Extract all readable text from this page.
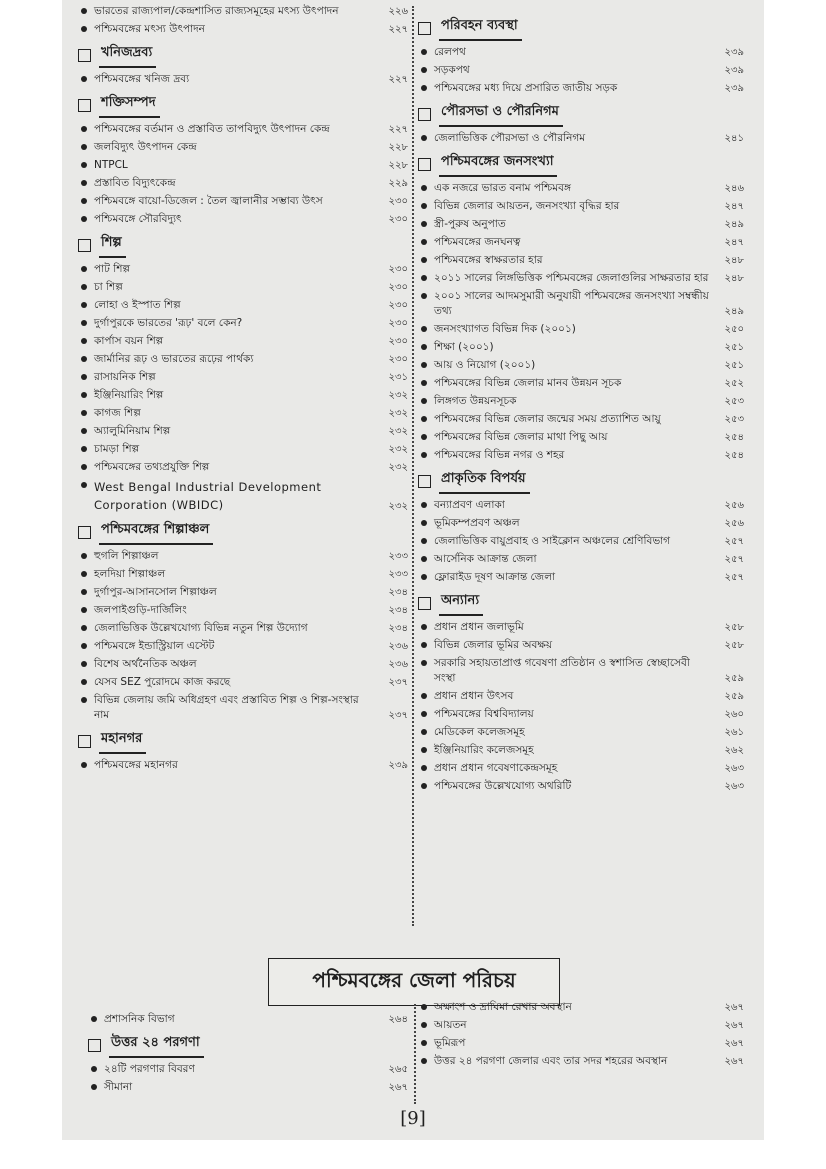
ভারতের রাজ্যপাল/কেন্দ্রশাসিত রাজ্যসমূহের মৎস্য উৎপাদন	২২৬
পশ্চিমবঙ্গের মৎস্য উৎপাদন	২২৭
খনিজদ্রব্য
পশ্চিমবঙ্গের খনিজ দ্রব্য	২২৭
শক্তিসম্পদ
পশ্চিমবঙ্গের বর্তমান ও প্রস্তাবিত তাপবিদ্যুৎ উৎপাদন কেন্দ্র	২২৭
জলবিদ্যুৎ উৎপাদন কেন্দ্র	২২৮
NTPCL	২২৮
প্রস্তাবিত বিদ্যুৎকেন্দ্র	২২৯
পশ্চিমবঙ্গে বায়ো-ডিজেল : তৈল জ্বালানীর সম্ভাব্য উৎস	২৩০
পশ্চিমবঙ্গে সৌরবিদ্যুৎ	২৩০
শিল্প
পাট শিল্প	২৩০
চা শিল্প	২৩০
লোহা ও ইস্পাত শিল্প	২৩০
দুর্গাপুরকে ভারতের 'রূঢ়' বলে কেন?	২৩০
কার্পাস বয়ন শিল্প	২৩০
জার্মানির রূঢ় ও ভারতের রূঢ়ের পার্থক্য	২৩০
রাসায়নিক শিল্প	২৩১
ইঞ্জিনিয়ারিং শিল্প	২৩২
কাগজ শিল্প	২৩২
অ্যালুমিনিয়াম শিল্প	২৩২
চামড়া শিল্প	২৩২
পশ্চিমবঙ্গের তথ্যপ্রযুক্তি শিল্প	২৩২
West Bengal Industrial Development Corporation (WBIDC)	২৩২
পশ্চিমবঙ্গের শিল্পাঞ্চল
হুগলি শিল্পাঞ্চল	২৩৩
হলদিয়া শিল্পাঞ্চল	২৩৩
দুর্গাপুর-আসানসোল শিল্পাঞ্চল	২৩৪
জলপাইগুড়ি-দার্জিলিং	২৩৪
জেলাভিত্তিক উল্লেখযোগ্য বিভিন্ন নতুন শিল্প উদ্যোগ	২৩৪
পশ্চিমবঙ্গে ইন্ডাস্ট্রিয়াল এস্টেট	২৩৬
বিশেষ অর্থনৈতিক অঞ্চল	২৩৬
যেসব SEZ পুরোদমে কাজ করছে	২৩৭
বিভিন্ন জেলায় জমি অধিগ্রহণ এবং প্রস্তাবিত শিল্প ও শিল্প-সংস্থার নাম	২৩৭
মহানগর
পশ্চিমবঙ্গের মহানগর	২৩৯
পরিবহন ব্যবস্থা
রেলপথ	২৩৯
সড়কপথ	২৩৯
পশ্চিমবঙ্গের মধ্য দিয়ে প্রসারিত জাতীয় সড়ক	২৩৯
পৌরসভা ও পৌরনিগম
জেলাভিত্তিক পৌরসভা ও পৌরনিগম	২৪১
পশ্চিমবঙ্গের জনসংখ্যা
এক নজরে ভারত বনাম পশ্চিমবঙ্গ	২৪৬
বিভিন্ন জেলার আয়তন, জনসংখ্যা বৃদ্ধির হার	২৪৭
স্ত্রী-পুরুষ অনুপাত	২৪৯
পশ্চিমবঙ্গের জনঘনত্ব	২৪৭
পশ্চিমবঙ্গের স্বাক্ষরতার হার	২৪৮
২০১১ সালের লিঙ্গভিত্তিক পশ্চিমবঙ্গের জেলাগুলির সাক্ষরতার হার	২৪৮
২০০১ সালের আদমসুমারী অনুযায়ী পশ্চিমবঙ্গের জনসংখ্যা সম্বন্ধীয় তথ্য	২৪৯
জনসংখ্যাগত বিভিন্ন দিক (২০০১)	২৫০
শিক্ষা (২০০১)	২৫১
আয় ও নিয়োগ (২০০১)	২৫১
পশ্চিমবঙ্গের বিভিন্ন জেলার মানব উন্নয়ন সূচক	২৫২
লিঙ্গগত উন্নয়নসূচক	২৫৩
পশ্চিমবঙ্গের বিভিন্ন জেলার জন্মের সময় প্রত্যাশিত আয়ু	২৫৩
পশ্চিমবঙ্গের বিভিন্ন জেলার মাথা পিছু আয়	২৫৪
পশ্চিমবঙ্গের বিভিন্ন নগর ও শহর	২৫৪
প্রাকৃতিক বিপর্যয়
বন্যাপ্রবণ এলাকা	২৫৬
ভূমিকম্পপ্রবণ অঞ্চল	২৫৬
জেলাভিত্তিক বায়ুপ্রবাহ ও সাইক্লোন অঞ্চলের শ্রেণিবিভাগ	২৫৭
আর্সেনিক আক্রান্ত জেলা	২৫৭
ফ্লোরাইড দূষণ আক্রান্ত জেলা	২৫৭
অন্যান্য
প্রধান প্রধান জলাভূমি	২৫৮
বিভিন্ন জেলার ভূমির অবক্ষয়	২৫৮
সরকারি সহায়তাপ্রাপ্ত গবেষণা প্রতিষ্ঠান ও স্বশাসিত স্বেচ্ছাসেবী সংস্থা	২৫৯
প্রধান প্রধান উৎসব	২৫৯
পশ্চিমবঙ্গের বিশ্ববিদ্যালয়	২৬০
মেডিকেল কলেজসমূহ	২৬১
ইঞ্জিনিয়ারিং কলেজসমূহ	২৬২
প্রধান প্রধান গবেষণাকেন্দ্রসমূহ	২৬৩
পশ্চিমবঙ্গের উল্লেখযোগ্য অথরিটি	২৬৩
পশ্চিমবঙ্গের জেলা পরিচয়
প্রশাসনিক বিভাগ	২৬৪
উত্তর ২৪ পরগণা
২৪টি পরগণার বিবরণ	২৬৫
সীমানা	২৬৭
অক্ষাংশ ও দ্রাঘিমা রেখার অবস্থান	২৬৭
আয়তন	২৬৭
ভূমিরূপ	২৬৭
উত্তর ২৪ পরগণা জেলার এবং তার সদর শহরের অবস্থান	২৬৭
[9]
